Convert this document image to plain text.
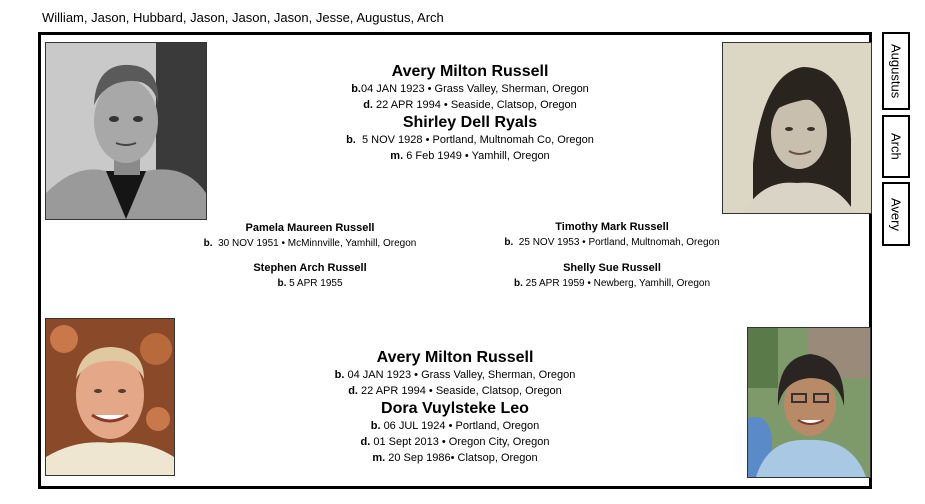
William, Jason, Hubbard, Jason, Jason, Jason, Jesse, Augustus, Arch
Avery Milton Russell
b.04 JAN 1923 • Grass Valley, Sherman, Oregon
d. 22 APR 1994 • Seaside, Clatsop, Oregon
Shirley Dell Ryals
b. 5 NOV 1928 • Portland, Multnomah Co, Oregon
m. 6 Feb 1949 • Yamhill, Oregon
Pamela Maureen Russell
b. 30 NOV 1951 • McMinnville, Yamhill, Oregon
Timothy Mark Russell
b. 25 NOV 1953 • Portland, Multnomah, Oregon
Stephen Arch Russell
b. 5 APR 1955
Shelly Sue Russell
b. 25 APR 1959 • Newberg, Yamhill, Oregon
Avery Milton Russell
b. 04 JAN 1923 • Grass Valley, Sherman, Oregon
d. 22 APR 1994 • Seaside, Clatsop, Oregon
Dora Vuylsteke Leo
b. 06 JUL 1924 • Portland, Oregon
d. 01 Sept 2013 • Oregon City, Oregon
m. 20 Sep 1986• Clatsop, Oregon
Augustus
Arch
Avery
